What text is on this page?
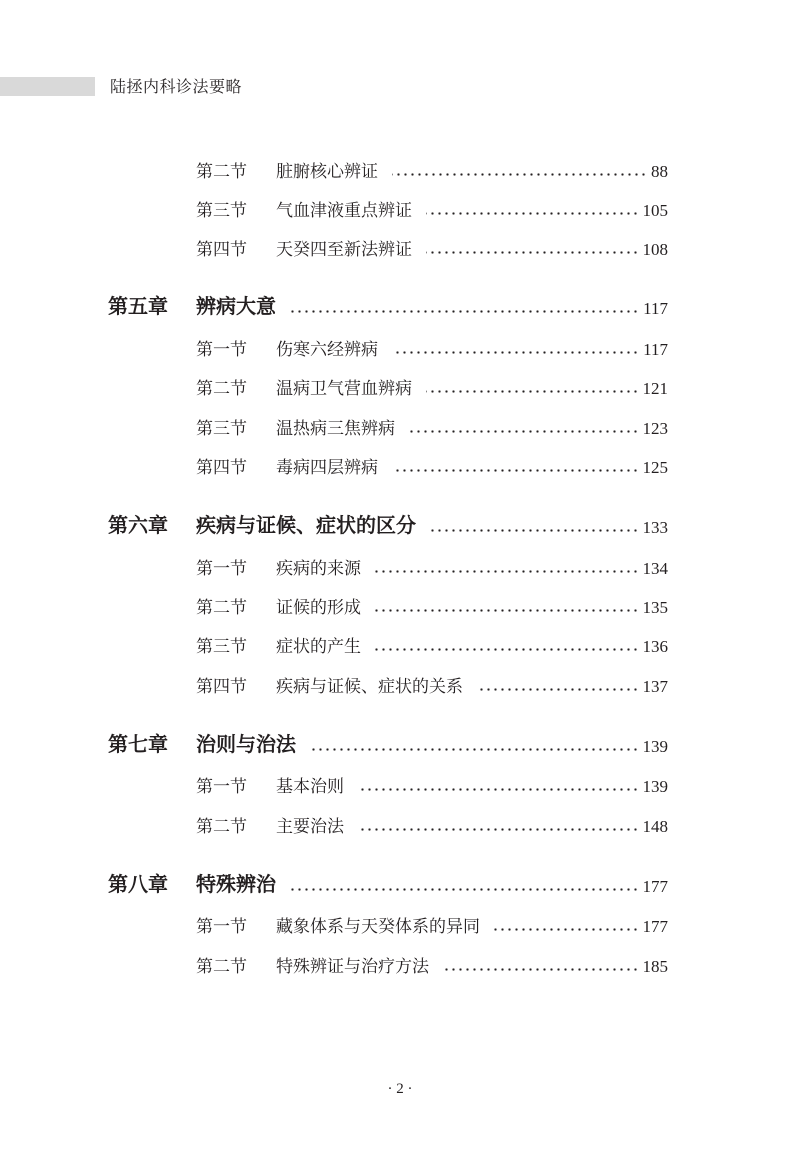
陆拯内科诊法要略
第二节 脏腑核心辨证	88
第三节 气血津液重点辨证	105
第四节 天癸四至新法辨证	108
第五章 辨病大意	117
第一节 伤寒六经辨病	117
第二节 温病卫气营血辨病	121
第三节 温热病三焦辨病	123
第四节 毒病四层辨病	125
第六章 疾病与证候、症状的区分	133
第一节 疾病的来源	134
第二节 证候的形成	135
第三节 症状的产生	136
第四节 疾病与证候、症状的关系	137
第七章 治则与治法	139
第一节 基本治则	139
第二节 主要治法	148
第八章 特殊辨治	177
第一节 藏象体系与天癸体系的异同	177
第二节 特殊辨证与治疗方法	185
· 2 ·
